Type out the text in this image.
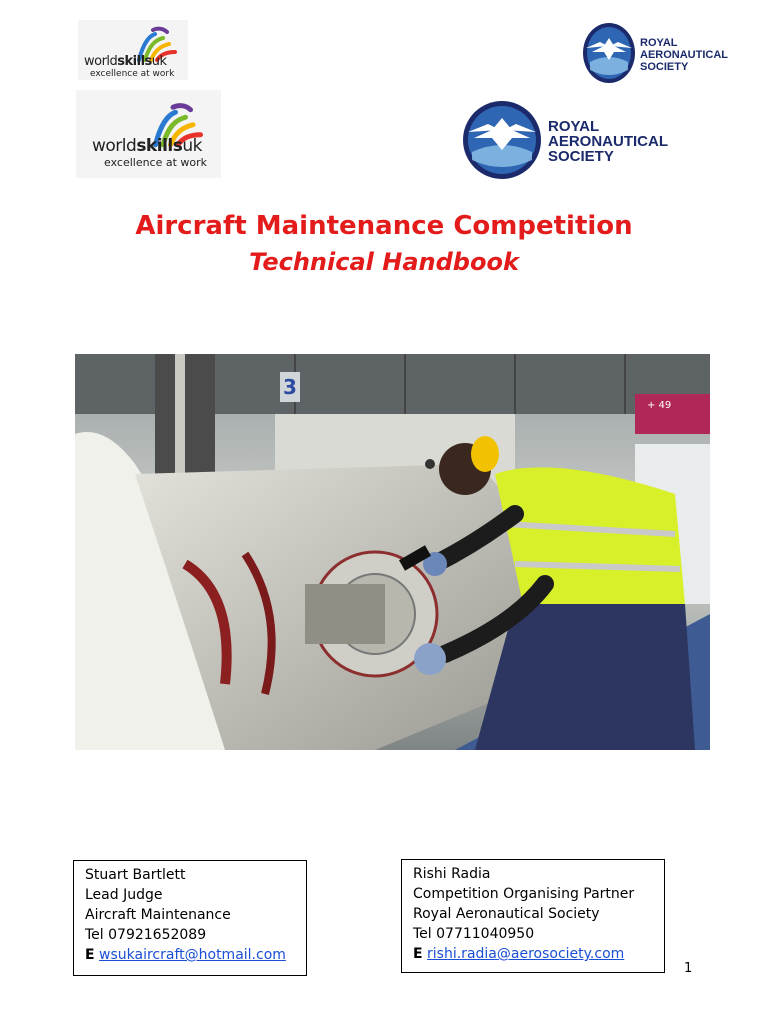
worldskillsuk
excellence at work
worldskillsuk
excellence at work
ROYAL
AERONAUTICAL
SOCIETY
ROYAL
AERONAUTICAL
SOCIETY
Aircraft Maintenance Competition
Technical Handbook
+ 49
3
Stuart Bartlett
Lead Judge
Aircraft Maintenance
Tel 07921652089
E wsukaircraft@hotmail.com
Rishi Radia
Competition Organising Partner
Royal Aeronautical Society
Tel 07711040950
E rishi.radia@aerosociety.com
1
